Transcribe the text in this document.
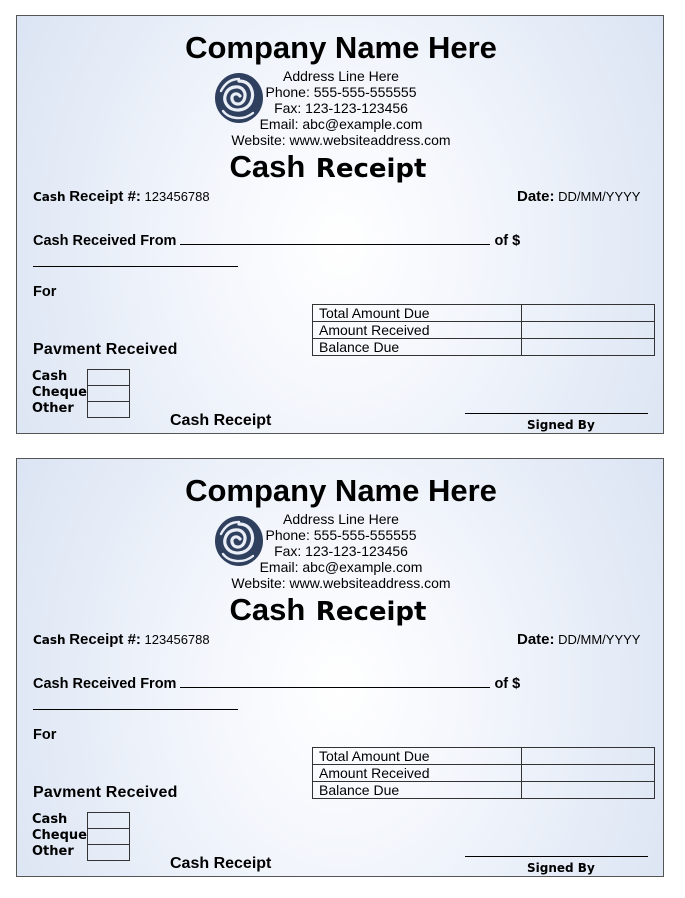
Company Name Here
Address Line Here
Phone: 555-555-555555
Fax: 123-123-123456
Email: abc@example.com
Website: www.websiteaddress.com
Cash Receipt
Cash Receipt #: 123456788	Date: DD/MM/YYYY
Cash Received From	of $
For
Total Amount Due	
Amount Received	
Balance Due	
Pavment Received
Cash
Cheque
Other
Cash Receipt	Signed By
Company Name Here
Address Line Here
Phone: 555-555-555555
Fax: 123-123-123456
Email: abc@example.com
Website: www.websiteaddress.com
Cash Receipt
Cash Receipt #: 123456788	Date: DD/MM/YYYY
Cash Received From	of $
For
Total Amount Due	
Amount Received	
Balance Due	
Pavment Received
Cash
Cheque
Other
Cash Receipt	Signed By
